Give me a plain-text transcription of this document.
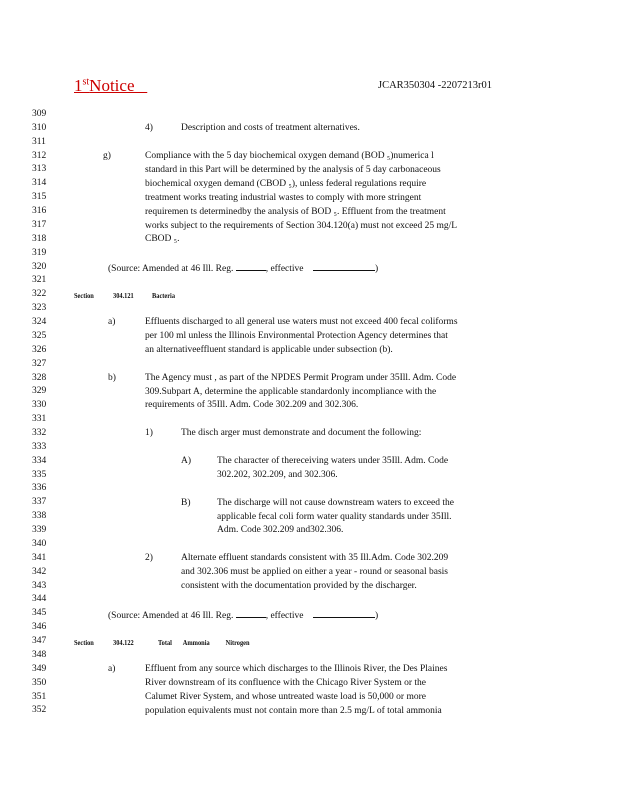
1stNotice	JCAR350304 -2207213r01
309
310
311
312
313
314
315
316
317
318
319
320
321
322
323
324
325
326
327
328
329
330
331
332
333
334
335
336
337
338
339
340
341
342
343
344
345
346
347
348
349
350
351
352
4)	Description and costs of treatment alternatives.
g)	Compliance with the 5 day biochemical oxygen demand (BOD ₅)numerica l
standard in this Part will be determined by the analysis of 5 day carbonaceous
biochemical oxygen demand (CBOD ₅), unless federal regulations require
treatment works treating industrial wastes to comply with more stringent
requiremen ts determinedby the analysis of BOD ₅. Effluent from the treatment
works subject to the requirements of Section 304.120(a) must not exceed 25 mg/L
CBOD ₅.
(Source: Amended at 46 Ill. Reg.	, effective	)
Section	304.121 Bacteria
a)	Effluents discharged to all general use waters must not exceed 400 fecal coliforms
per 100 ml unless the Illinois Environmental Protection Agency determines that
an alternativeeffluent standard is applicable under subsection (b).
b)	The Agency must , as part of the NPDES Permit Program under 35Ill. Adm. Code
309.Subpart A, determine the applicable standardonly incompliance with the
requirements of 35Ill. Adm. Code 302.209 and 302.306.
1)	The disch arger must demonstrate and document the following:
A)	The character of thereceiving waters under 35Ill. Adm. Code
302.202, 302.209, and 302.306.
B)	The discharge will not cause downstream waters to exceed the
applicable fecal coli form water quality standards under 35Ill.
Adm. Code 302.209 and302.306.
2)	Alternate effluent standards consistent with 35 Ill.Adm. Code 302.209
and 302.306 must be applied on either a year - round or seasonal basis
consistent with the documentation provided by the discharger.
(Source: Amended at 46 Ill. Reg.	, effective	)
Section	304.122	Total       Ammonia          Nitrogen
a)	Effluent from any source which discharges to the Illinois River, the Des Plaines
River downstream of its confluence with the Chicago River System or the
Calumet River System, and whose untreated waste load is 50,000 or more
population equivalents must not contain more than 2.5 mg/L of total ammonia
